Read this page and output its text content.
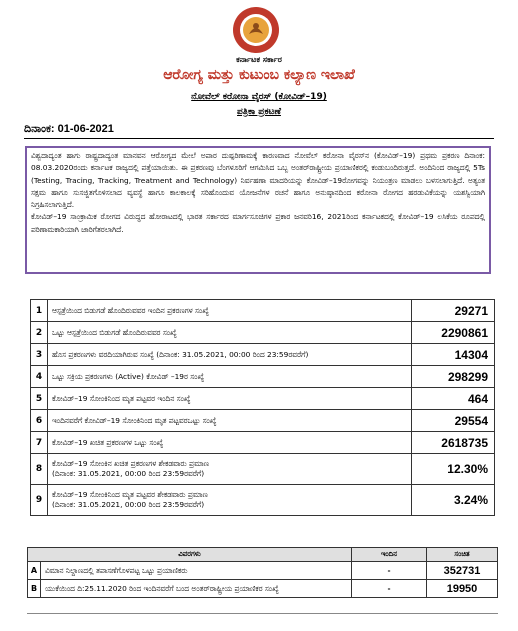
ಕರ್ನಾಟಕ ಸರ್ಕಾರ
ಆರೋಗ್ಯ ಮತ್ತು ಕುಟುಂಬ ಕಲ್ಯಾಣ ಇಲಾಖೆ
ನೋವೆಲ್ ಕರೋನಾ ವೈರಸ್ (ಕೋವಿಡ್–19)
ಪತ್ರಿಕಾ ಪ್ರಕಟಣೆ
ದಿನಾಂಕ: 01-06-2021

ವಿಶ್ವದಾದ್ಯಂತ ಹಾಗು ರಾಷ್ಟ್ರದಾದ್ಯಂತ ಮಾನವನ ಆರೋಗ್ಯದ ಮೇಲೆ ಅಪಾರ ದುಷ್ಪರಿಣಾಮಕ್ಕೆ ಕಾರಣವಾದ ನೋವೆಲ್ ಕರೋನಾ ವೈರಸ್‌ನ (ಕೋವಿಡ್–19) ಪ್ರಥಮ ಪ್ರಕರಣ ದಿನಾಂಕ: 08.03.2020ರಂದು ಕರ್ನಾಟಕ ರಾಜ್ಯದಲ್ಲಿ ಪತ್ತೆಯಾಯಿತು. ಈ ಪ್ರಕರಣವು ಬೆಂಗಳೂರಿಗೆ ಆಗಮಿಸಿದ ಒಬ್ಬ ಅಂತರ್‌ರಾಷ್ಟ್ರೀಯ ಪ್ರಯಾಣಿಕರಲ್ಲಿ ಕಂಡುಬಂದಿರುತ್ತದೆ. ಅಂದಿನಿಂದ ರಾಜ್ಯದಲ್ಲಿ 5Ts (Testing, Tracing, Tracking, Treatment and Technology) ನಿರ್ವಹಣಾ ಮಾದರಿಯನ್ನು ಕೋವಿಡ್–19ರೋಗವನ್ನು ನಿಯಂತ್ರಣ ಮಾಡಲು ಬಳಸಲಾಗುತ್ತಿದೆ. ಅತ್ಯಂತ ಸಕ್ಷಮ ಹಾಗೂ ಸುಸಜ್ಜಿತಗೊಳಿಸಲಾದ ವ್ಯವಸ್ಥೆ ಹಾಗೂ ಕಾಲಕಾಲಕ್ಕೆ ಸರಿಹೊಂದುವ ಯೋಜನೆಗಳ ರಚನೆ ಹಾಗೂ ಅನುಷ್ಠಾನದಿಂದ ಕರೋನಾ ರೋಗದ ಹರಡುವಿಕೆಯನ್ನು ಯಶಸ್ವಿಯಾಗಿ ನಿಗ್ರಹಿಸಲಾಗುತ್ತಿದೆ.

ಕೋವಿಡ್–19 ಸಾಂಕ್ರಾಮಿಕ ರೋಗದ ವಿರುದ್ಧದ ಹೋರಾಟದಲ್ಲಿ ಭಾರತ ಸರ್ಕಾರದ ಮಾರ್ಗಸೂಚಿಗಳ ಪ್ರಕಾರ ಜನವರಿ16, 2021ರಿಂದ ಕರ್ನಾಟಕದಲ್ಲಿ ಕೋವಿಡ್–19 ಲಸಿಕೆಯ ರೂಪದಲ್ಲಿ ಪರಿಣಾಮಕಾರಿಯಾಗಿ ಜಾರಿಗೆತರಲಾಗಿದೆ.

1	ಆಸ್ಪತ್ರೆಯಿಂದ ಬಿಡುಗಡೆ ಹೊಂದಿರುವವರ ಇಂದಿನ ಪ್ರಕರಣಗಳ ಸಂಖ್ಯೆ	29271
2	ಒಟ್ಟು ಆಸ್ಪತ್ರೆಯಿಂದ ಬಿಡುಗಡೆ ಹೊಂದಿರುವವರ ಸಂಖ್ಯೆ	2290861
3	ಹೊಸ ಪ್ರಕರಣಗಳು ವರದಿಯಾಗಿರುವ ಸಂಖ್ಯೆ (ದಿನಾಂಕ: 31.05.2021, 00:00 ರಿಂದ 23:59ರವರೆಗೆ)	14304
4	ಒಟ್ಟು ಸಕ್ರಿಯ ಪ್ರಕರಣಗಳು (Active) ಕೋವಿಡ್ –19ರ ಸಂಖ್ಯೆ	298299
5	ಕೋವಿಡ್–19 ಸೋಂಕಿನಿಂದ ಮೃತ ಪಟ್ಟವರ ಇಂದಿನ ಸಂಖ್ಯೆ	464
6	ಇಂದಿನವರೆಗೆ ಕೋವಿಡ್–19 ಸೋಂಕಿನಿಂದ ಮೃತ ಪಟ್ಟವರಒಟ್ಟು ಸಂಖ್ಯೆ	29554
7	ಕೋವಿಡ್–19 ಖಚಿತ ಪ್ರಕರಣಗಳ ಒಟ್ಟು ಸಂಖ್ಯೆ	2618735
8	ಕೋವಿಡ್–19 ಸೋಂಕಿನ ಖಚಿತ ಪ್ರಕರಣಗಳ ಶೇಕಡವಾರು ಪ್ರಮಾಣ
(ದಿನಾಂಕ: 31.05.2021, 00:00 ರಿಂದ 23:59ರವರೆಗೆ)	12.30%
9	ಕೋವಿಡ್–19 ಸೋಂಕಿನಿಂದ ಮೃತ ಪಟ್ಟವರ ಶೇಕಡವಾರು ಪ್ರಮಾಣ
(ದಿನಾಂಕ: 31.05.2021, 00:00 ರಿಂದ 23:59ರವರೆಗೆ)	3.24%
ವಿವರಗಳು		ಇಂದಿನ	ಸಂಚಿತ
A	ವಿಮಾನ ನಿಲ್ದಾಣದಲ್ಲಿ ತಪಾಸಣೆಗೊಳಪಟ್ಟ ಒಟ್ಟು ಪ್ರಯಾಣಿಕರು	-	352731
B	ಯುಕೆಯಿಂದ ದಿ:25.11.2020 ರಿಂದ ಇಂದಿನವರೆಗೆ ಬಂದ ಅಂತರ್‌ರಾಷ್ಟ್ರೀಯ ಪ್ರಯಾಣಿಕರ ಸಂಖ್ಯೆ	-	19950
